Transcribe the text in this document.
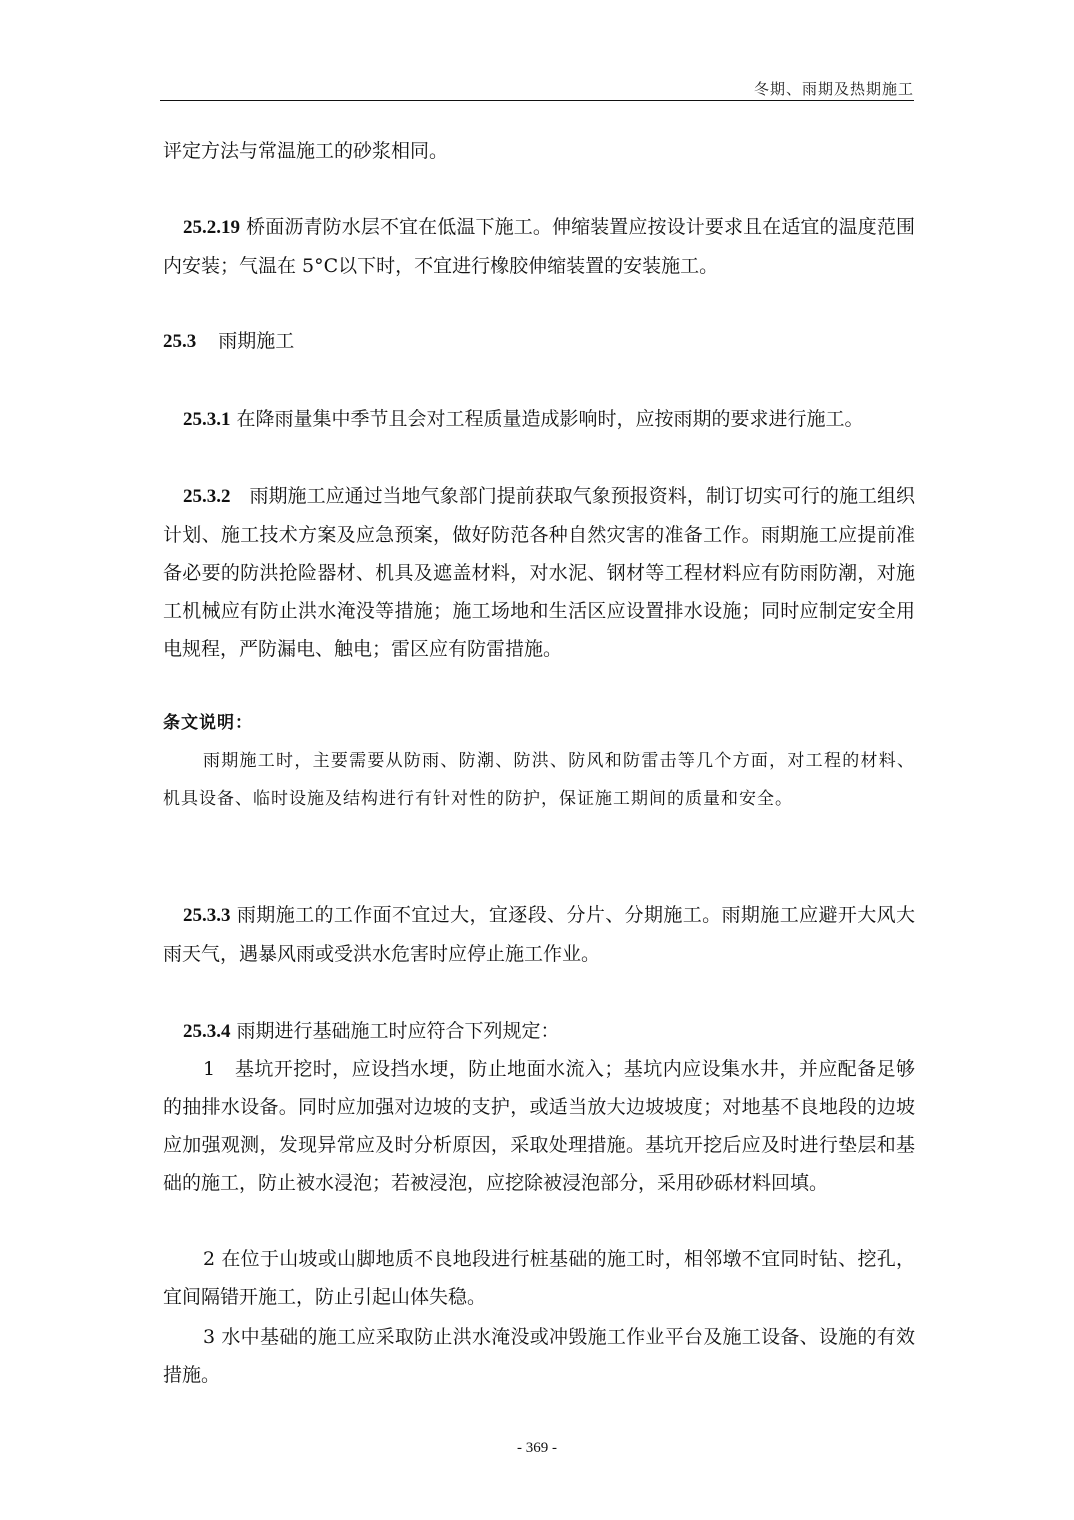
冬期、雨期及热期施工
评定方法与常温施工的砂浆相同。
25.2.19 桥面沥青防水层不宜在低温下施工。伸缩装置应按设计要求且在适宜的温度范围内安装；气温在 5°C以下时，不宜进行橡胶伸缩装置的安装施工。
25.3 雨期施工
25.3.1 在降雨量集中季节且会对工程质量造成影响时，应按雨期的要求进行施工。
25.3.2　雨期施工应通过当地气象部门提前获取气象预报资料，制订切实可行的施工组织计划、施工技术方案及应急预案，做好防范各种自然灾害的准备工作。雨期施工应提前准备必要的防洪抢险器材、机具及遮盖材料，对水泥、钢材等工程材料应有防雨防潮，对施工机械应有防止洪水淹没等措施；施工场地和生活区应设置排水设施；同时应制定安全用电规程，严防漏电、触电；雷区应有防雷措施。
条文说明：
雨期施工时，主要需要从防雨、防潮、防洪、防风和防雷击等几个方面，对工程的材料、机具设备、临时设施及结构进行有针对性的防护，保证施工期间的质量和安全。
25.3.3 雨期施工的工作面不宜过大，宜逐段、分片、分期施工。雨期施工应避开大风大雨天气，遇暴风雨或受洪水危害时应停止施工作业。
25.3.4 雨期进行基础施工时应符合下列规定：
1　基坑开挖时，应设挡水埂，防止地面水流入；基坑内应设集水井，并应配备足够的抽排水设备。同时应加强对边坡的支护，或适当放大边坡坡度；对地基不良地段的边坡应加强观测，发现异常应及时分析原因，采取处理措施。基坑开挖后应及时进行垫层和基础的施工，防止被水浸泡；若被浸泡，应挖除被浸泡部分，采用砂砾材料回填。
2 在位于山坡或山脚地质不良地段进行桩基础的施工时，相邻墩不宜同时钻、挖孔，宜间隔错开施工，防止引起山体失稳。
3 水中基础的施工应采取防止洪水淹没或冲毁施工作业平台及施工设备、设施的有效措施。
- 369 -
